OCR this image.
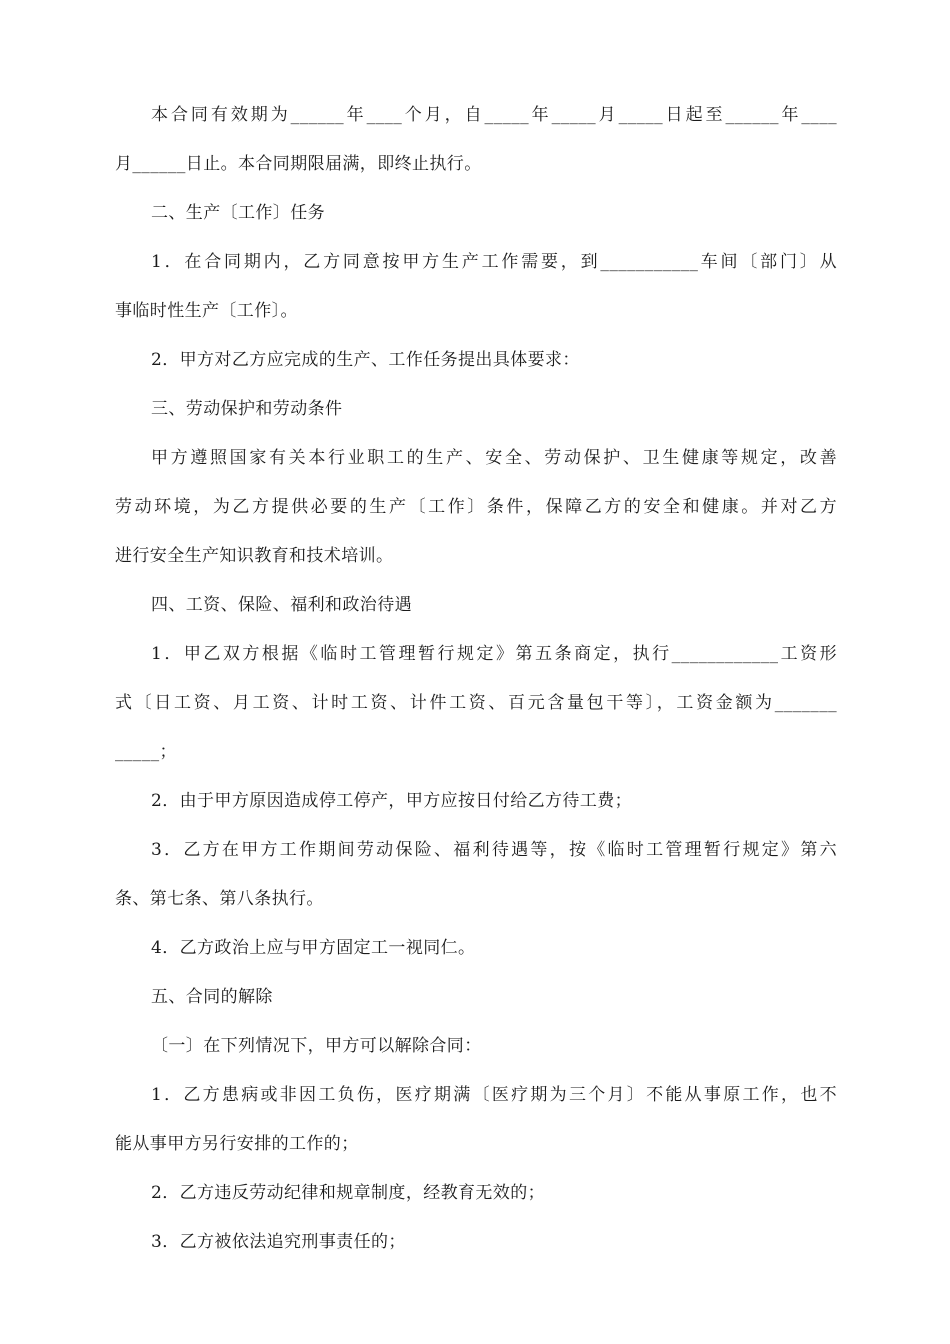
本合同有效期为______年____个月，自_____年_____月_____日起至______年____
月______日止。本合同期限届满，即终止执行。
二、生产〔工作〕任务
1．在合同期内，乙方同意按甲方生产工作需要，到___________车间〔部门〕从
事临时性生产〔工作〕。
2．甲方对乙方应完成的生产、工作任务提出具体要求：
三、劳动保护和劳动条件
甲方遵照国家有关本行业职工的生产、安全、劳动保护、卫生健康等规定，改善
劳动环境，为乙方提供必要的生产〔工作〕条件，保障乙方的安全和健康。并对乙方
进行安全生产知识教育和技术培训。
四、工资、保险、福利和政治待遇
1．甲乙双方根据《临时工管理暂行规定》第五条商定，执行____________工资形
式〔日工资、月工资、计时工资、计件工资、百元含量包干等〕，工资金额为_______
_____；
2．由于甲方原因造成停工停产，甲方应按日付给乙方待工费；
3．乙方在甲方工作期间劳动保险、福利待遇等，按《临时工管理暂行规定》第六
条、第七条、第八条执行。
4．乙方政治上应与甲方固定工一视同仁。
五、合同的解除
〔一〕在下列情况下，甲方可以解除合同：
1．乙方患病或非因工负伤，医疗期满〔医疗期为三个月〕不能从事原工作，也不
能从事甲方另行安排的工作的；
2．乙方违反劳动纪律和规章制度，经教育无效的；
3．乙方被依法追究刑事责任的；
